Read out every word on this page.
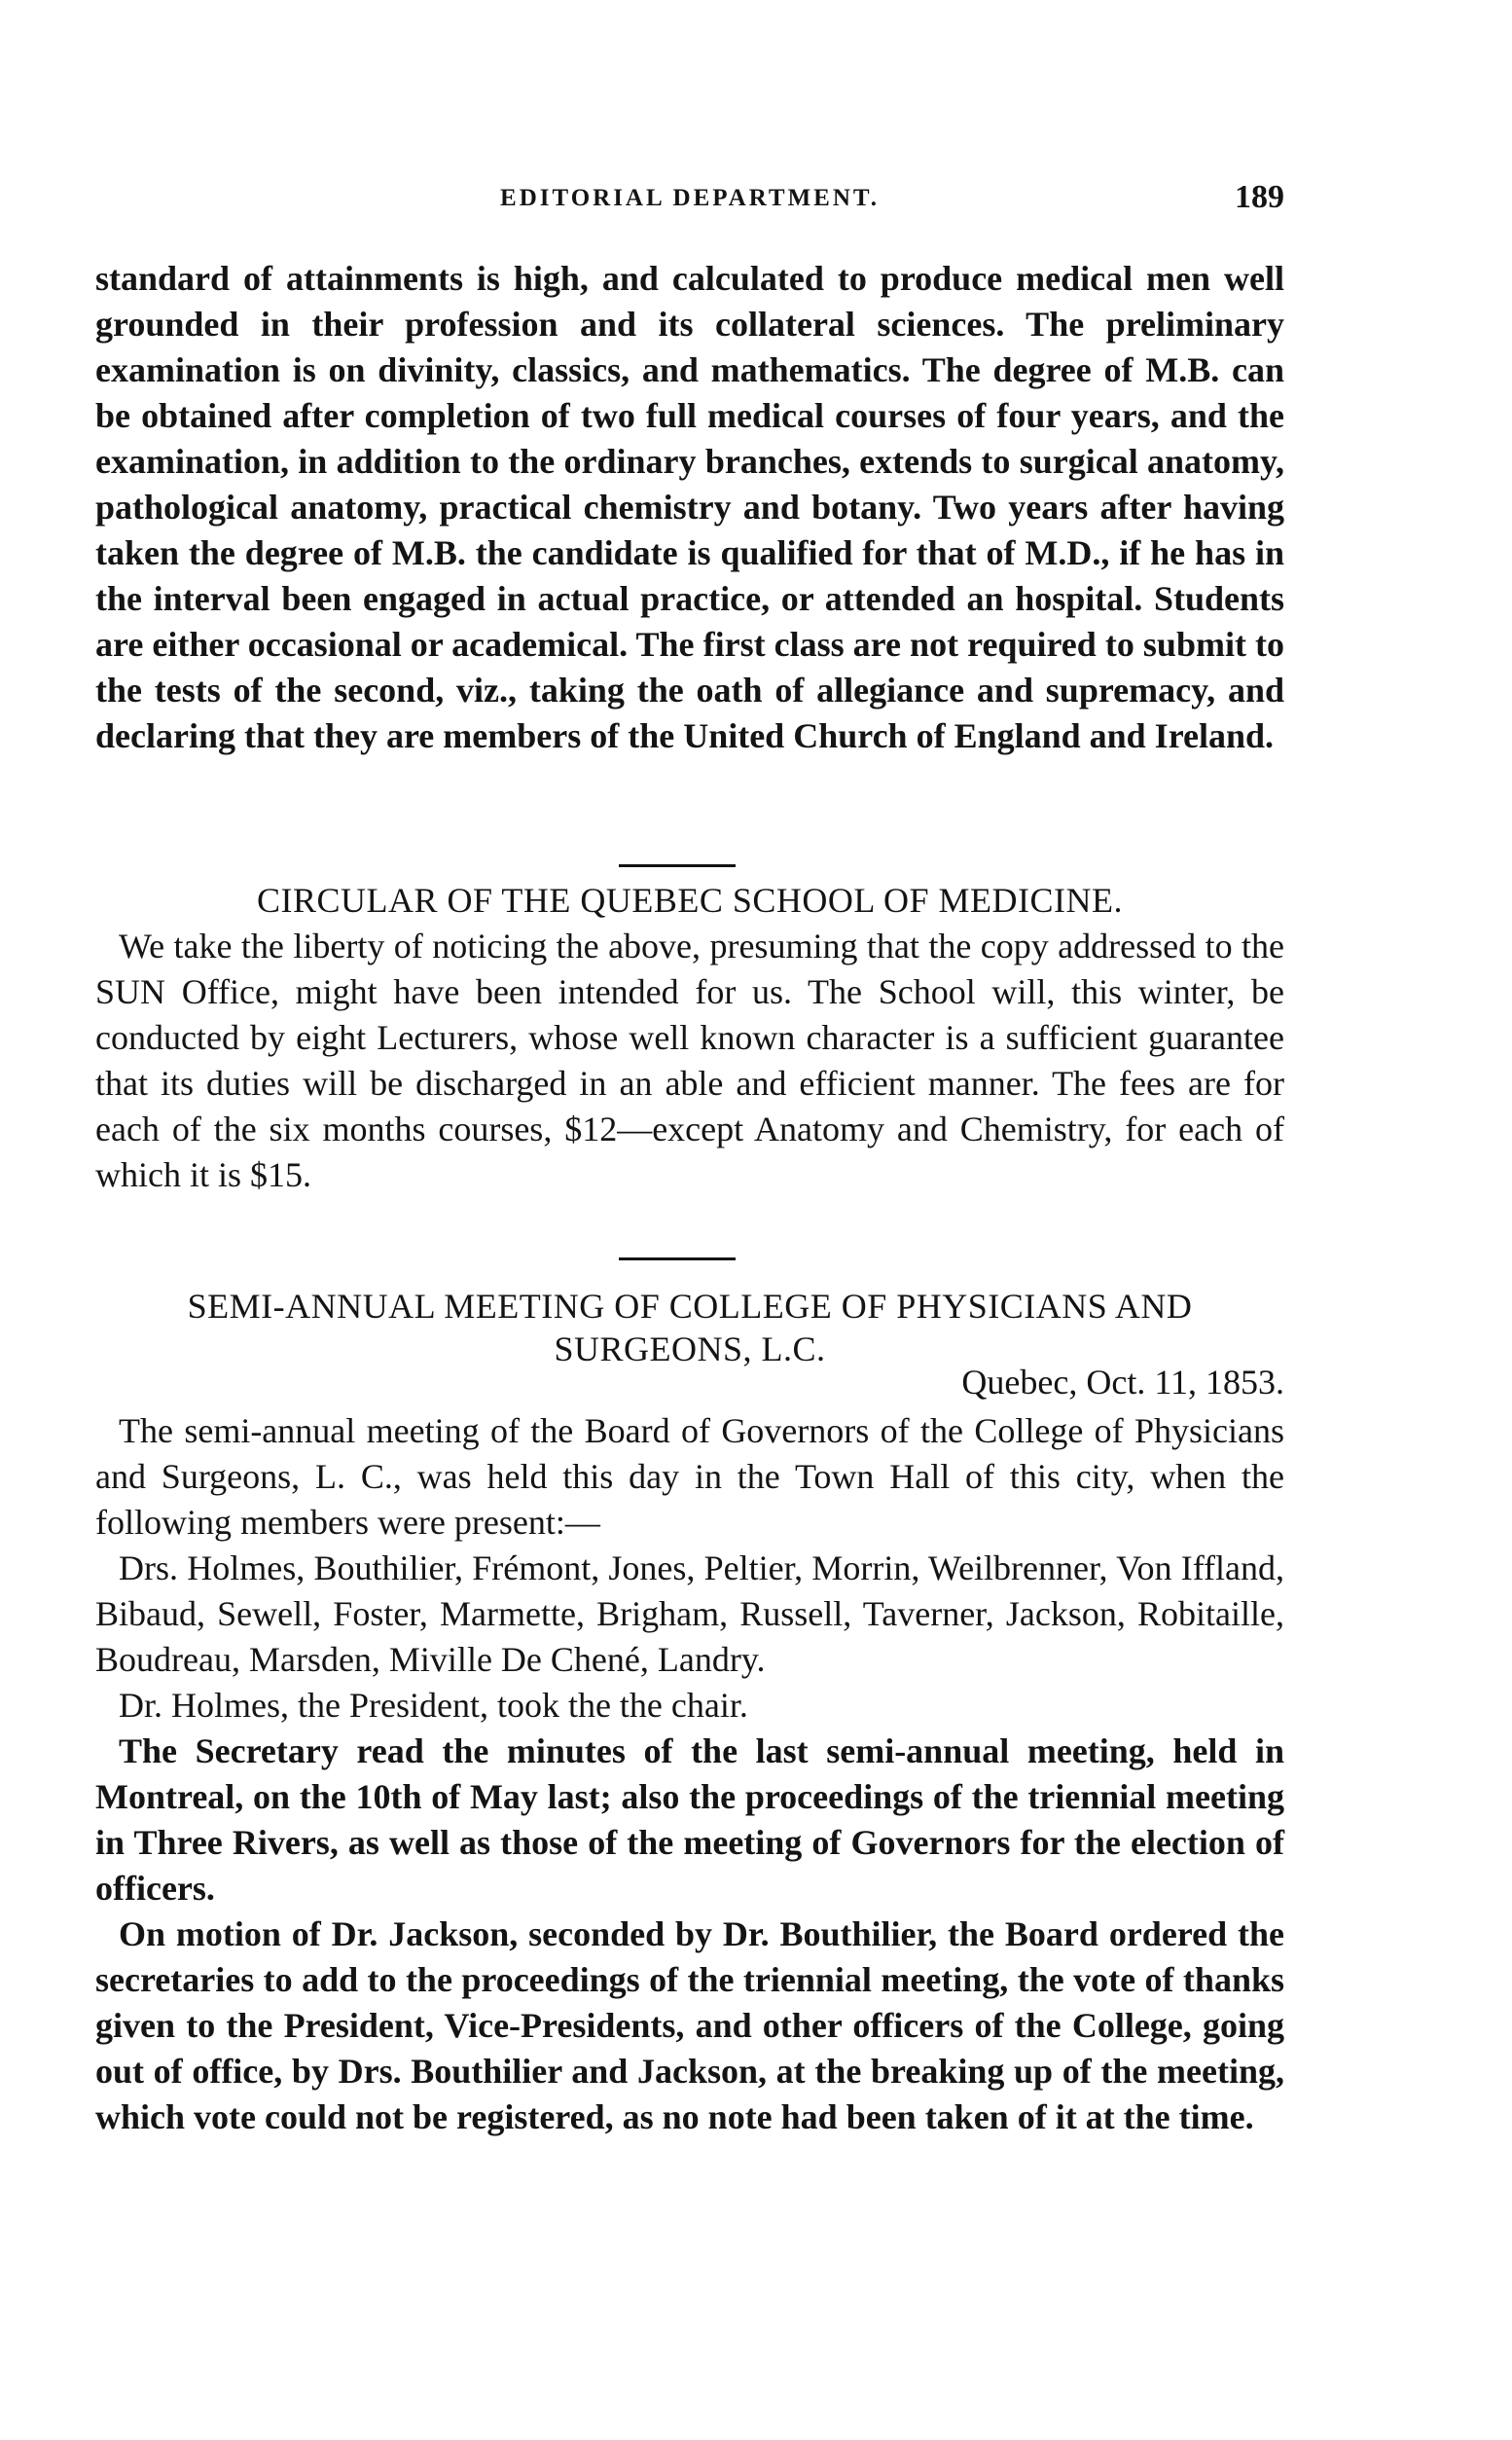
EDITORIAL DEPARTMENT.	189

standard of attainments is high, and calculated to produce medical men well grounded in their profession and its collateral sciences. The preliminary examination is on divinity, classics, and mathematics. The degree of M.B. can be obtained after completion of two full medical courses of four years, and the examination, in addition to the ordinary branches, extends to surgical anatomy, pathological anatomy, practical chemistry and botany. Two years after having taken the degree of M.B. the candidate is qualified for that of M.D., if he has in the interval been engaged in actual practice, or attended an hospital. Students are either occasional or academical. The first class are not required to submit to the tests of the second, viz., taking the oath of allegiance and supremacy, and declaring that they are members of the United Church of England and Ireland.

CIRCULAR OF THE QUEBEC SCHOOL OF MEDICINE.

We take the liberty of noticing the above, presuming that the copy addressed to the SUN Office, might have been intended for us. The School will, this winter, be conducted by eight Lecturers, whose well known character is a sufficient guarantee that its duties will be discharged in an able and efficient manner. The fees are for each of the six months courses, $12—except Anatomy and Chemistry, for each of which it is $15.

SEMI-ANNUAL MEETING OF COLLEGE OF PHYSICIANS AND
SURGEONS, L.C.
Quebec, Oct. 11, 1853.

The semi-annual meeting of the Board of Governors of the College of Physicians and Surgeons, L. C., was held this day in the Town Hall of this city, when the following members were present:—

Drs. Holmes, Bouthilier, Frémont, Jones, Peltier, Morrin, Weilbrenner, Von Iffland, Bibaud, Sewell, Foster, Marmette, Brigham, Russell, Taverner, Jackson, Robitaille, Boudreau, Marsden, Miville De Chené, Landry.

Dr. Holmes, the President, took the the chair.

The Secretary read the minutes of the last semi-annual meeting, held in Montreal, on the 10th of May last; also the proceedings of the triennial meeting in Three Rivers, as well as those of the meeting of Governors for the election of officers.

On motion of Dr. Jackson, seconded by Dr. Bouthilier, the Board ordered the secretaries to add to the proceedings of the triennial meeting, the vote of thanks given to the President, Vice-Presidents, and other officers of the College, going out of office, by Drs. Bouthilier and Jackson, at the breaking up of the meeting, which vote could not be registered, as no note had been taken of it at the time.
